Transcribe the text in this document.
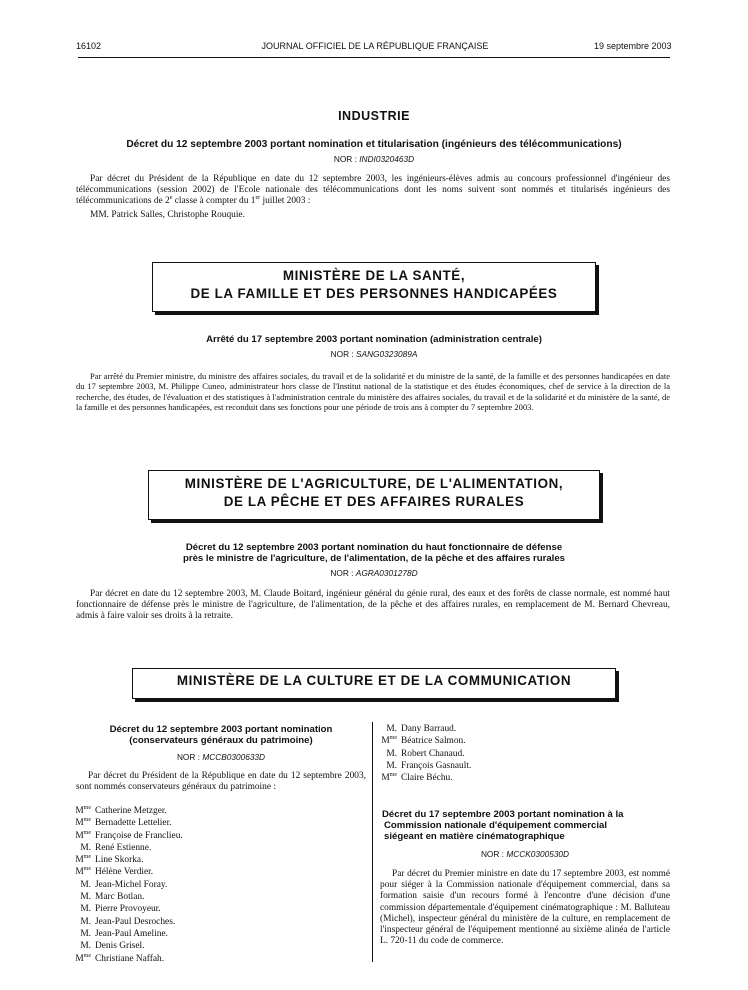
16102	JOURNAL OFFICIEL DE LA RÉPUBLIQUE FRANÇAISE	19 septembre 2003
INDUSTRIE
Décret du 12 septembre 2003 portant nomination et titularisation (ingénieurs des télécommunications)
NOR : INDI0320463D
Par décret du Président de la République en date du 12 septembre 2003, les ingénieurs-élèves admis au concours professionnel d'ingénieur des télécommunications (session 2002) de l'Ecole nationale des télécommunications dont les noms suivent sont nommés et titularisés ingénieurs des télécommunications de 2e classe à compter du 1er juillet 2003 :
MM. Patrick Salles, Christophe Rouquie.
MINISTÈRE DE LA SANTÉ,
DE LA FAMILLE ET DES PERSONNES HANDICAPÉES
Arrêté du 17 septembre 2003 portant nomination (administration centrale)
NOR : SANG0323089A
Par arrêté du Premier ministre, du ministre des affaires sociales, du travail et de la solidarité et du ministre de la santé, de la famille et des personnes handicapées en date du 17 septembre 2003, M. Philippe Cuneo, administrateur hors classe de l'Institut national de la statistique et des études économiques, chef de service à la direction de la recherche, des études, de l'évaluation et des statistiques à l'administration centrale du ministère des affaires sociales, du travail et de la solidarité et du ministère de la santé, de la famille et des personnes handicapées, est reconduit dans ses fonctions pour une période de trois ans à compter du 7 septembre 2003.
MINISTÈRE DE L'AGRICULTURE, DE L'ALIMENTATION,
DE LA PÊCHE ET DES AFFAIRES RURALES
Décret du 12 septembre 2003 portant nomination du haut fonctionnaire de défense
près le ministre de l'agriculture, de l'alimentation, de la pêche et des affaires rurales
NOR : AGRA0301278D
Par décret en date du 12 septembre 2003, M. Claude Boitard, ingénieur général du génie rural, des eaux et des forêts de classe normale, est nommé haut fonctionnaire de défense près le ministre de l'agriculture, de l'alimentation, de la pêche et des affaires rurales, en remplacement de M. Bernard Chevreau, admis à faire valoir ses droits à la retraite.
MINISTÈRE DE LA CULTURE ET DE LA COMMUNICATION
Décret du 12 septembre 2003 portant nomination
(conservateurs généraux du patrimoine)
NOR : MCCB0300633D
Par décret du Président de la République en date du 12 septembre 2003, sont nommés conservateurs généraux du patrimoine :
$M^{me}$ Catherine Metzger.
$M^{me}$ Bernadette Lettelier.
$M^{me}$ Françoise de Franclieu.
M. René Estienne.
$M^{me}$ Line Skorka.
$M^{me}$ Hélène Verdier.
M. Jean-Michel Foray.
M. Marc Botlan.
M. Pierre Provoyeur.
M. Jean-Paul Desroches.
M. Jean-Paul Ameline.
M. Denis Grisel.
$M^{me}$ Christiane Naffah.
M. Dany Barraud.
$M^{me}$ Béatrice Salmon.
M. Robert Chanaud.
M. François Gasnault.
$M^{me}$ Claire Béchu.
Décret du 17 septembre 2003 portant nomination à la
Commission nationale d'équipement commercial
siégeant en matière cinématographique
NOR : MCCK0300530D
Par décret du Premier ministre en date du 17 septembre 2003, est nommé pour siéger à la Commission nationale d'équipement commercial, dans sa formation saisie d'un recours formé à l'encontre d'une décision d'une commission départementale d'équipement cinématographique : M. Balluteau (Michel), inspecteur général du ministère de la culture, en remplacement de l'inspecteur général de l'équipement mentionné au sixième alinéa de l'article L. 720-11 du code de commerce.
